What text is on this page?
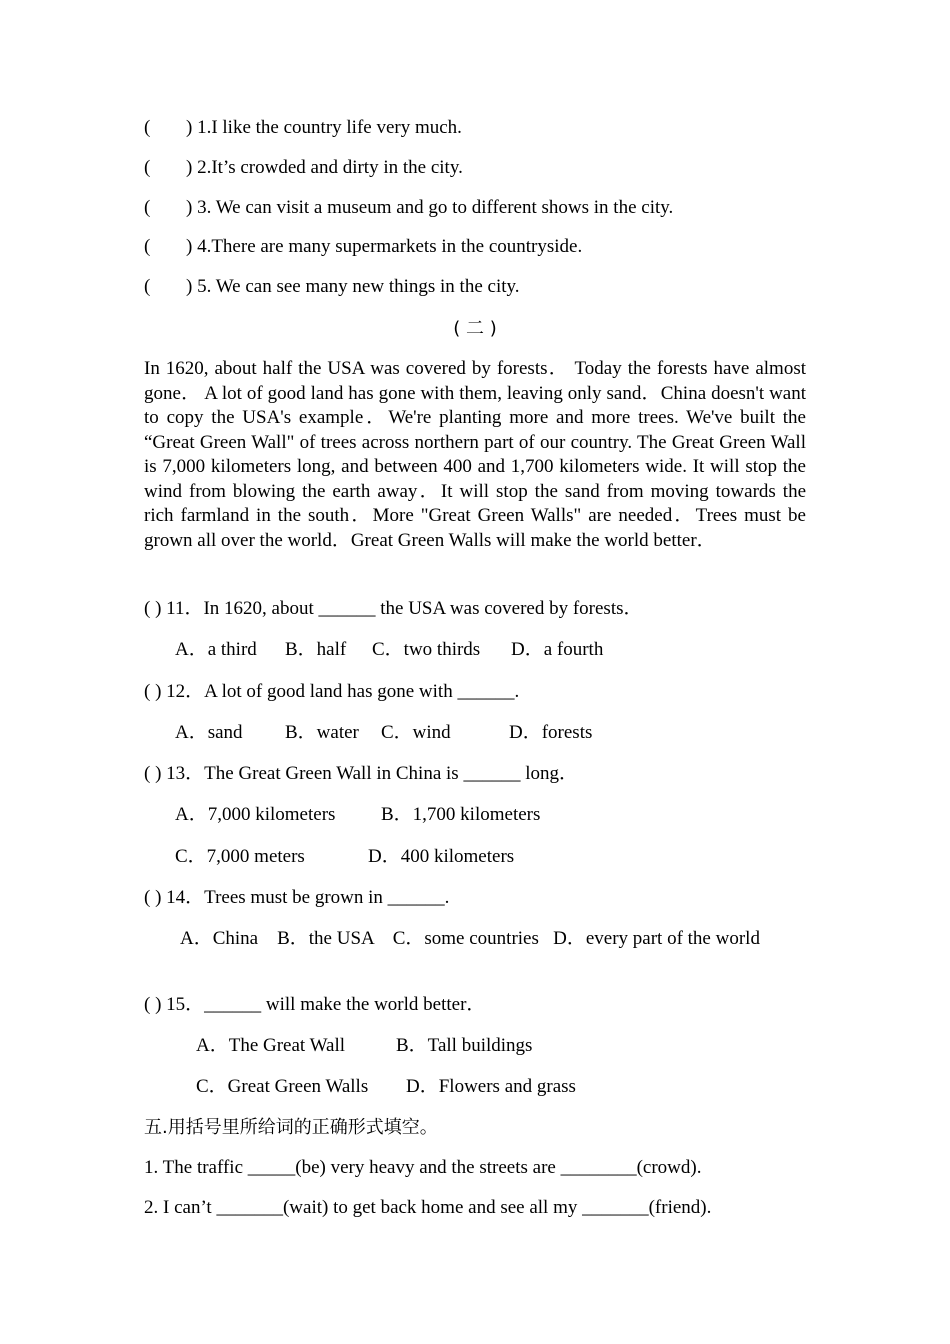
( ) 1.I like the country life very much.
( ) 2.It’s crowded and dirty in the city.
( ) 3. We can visit a museum and go to different shows in the city.
( ) 4.There are many supermarkets in the countryside.
( ) 5. We can see many new things in the city.
( 二 )
In 1620, about half the USA was covered by forests． Today the forests have almost gone． A lot of good land has gone with them, leaving only sand．China doesn't want to copy the USA's example．We're planting more and more trees. We've built the “Great Green Wall" of trees across northern part of our country. The Great Green Wall is 7,000 kilometers long, and between 400 and 1,700 kilometers wide. It will stop the wind from blowing the earth away．It will stop the sand from moving towards the rich farmland in the south．More "Great Green Walls" are needed．Trees must be grown all over the world．Great Green Walls will make the world better．
( ) 11．In 1620, about ______ the USA was covered by forests．
A．a third B．half C．two thirds D．a fourth
( ) 12．A lot of good land has gone with ______.
A．sand B．water C．wind	D．forests
( ) 13．The Great Green Wall in China is ______ long．
A．7,000 kilometers B．1,700 kilometers
C．7,000 meters	D．400 kilometers
( ) 14．Trees must be grown in ______.
A．China    B．the USA    C．some countries   D．every part of the world
( ) 15．______ will make the world better．
A．The Great Wall	B．Tall buildings
C．Great Green Walls D．Flowers and grass
五.用括号里所给词的正确形式填空。
1. The traffic _____(be) very heavy and the streets are ________(crowd).
2. I can’t _______(wait) to get back home and see all my _______(friend).
